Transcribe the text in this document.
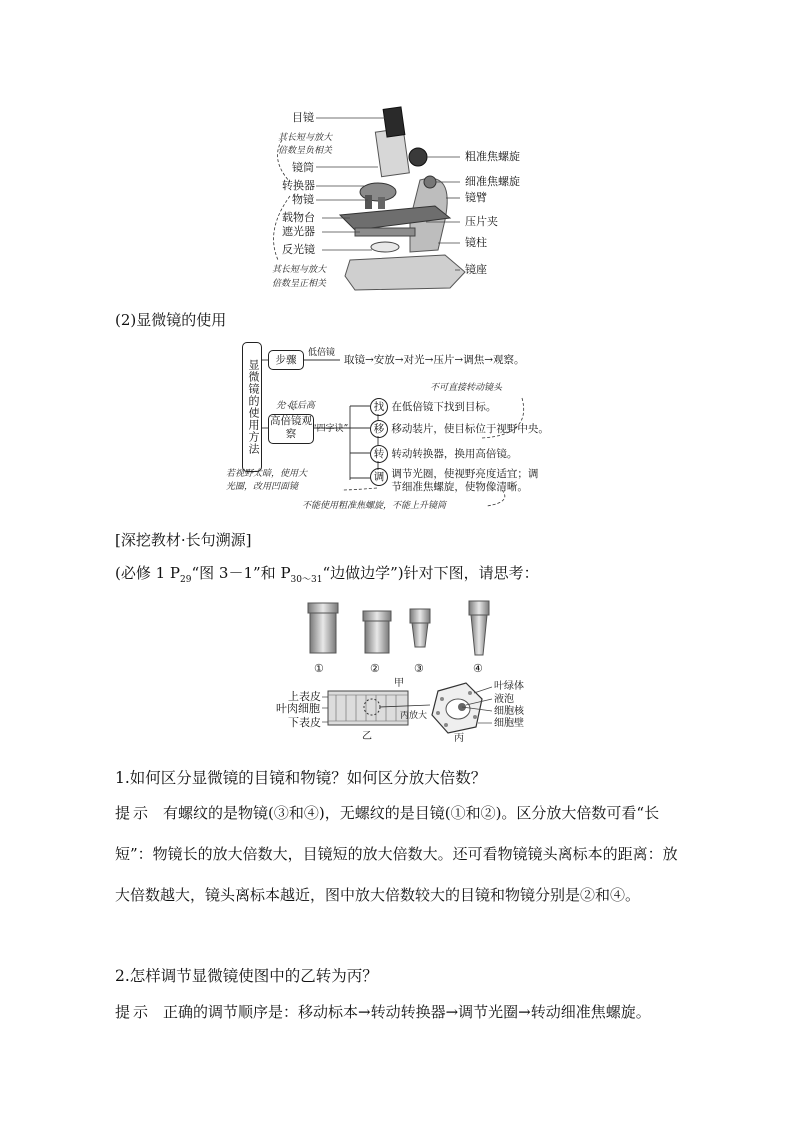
目镜
其长短与放大
倍数呈负相关
镜筒
转换器
物镜
载物台
遮光器
反光镜
其长短与放大
倍数呈正相关
粗准焦螺旋
细准焦螺旋
镜臂
压片夹
镜柱
镜座
(2)显微镜的使用
显微镜的使用方法	步骤
低倍镜
取镜→安放→对光→压片→调焦→观察。
先 低后高
高倍镜观察	“四字诀”
不可直接转动镜头
找 在低倍镜下找到目标。
移 移动装片，使目标位于视野中央。
转 转动转换器，换用高倍镜。
调 调节光圈，使视野亮度适宜；调节细准焦螺旋，使物像清晰。
若视野太暗，使用大
光圈，改用凹面镜
不能使用粗准焦螺旋，不能上升镜筒
[深挖教材·长句溯源]
(必修 1 $P_{29}“$图 3－1”和 $P_{30\sim 31}“$边做边学”)针对下图，请思考：
①	②	③	④
甲
上表皮
叶肉细胞
下表皮	丙放大
叶绿体
液泡
细胞核
细胞壁
乙	丙
1.如何区分显微镜的目镜和物镜？如何区分放大倍数？
提示 有螺纹的是物镜(③和④)，无螺纹的是目镜(①和②)。区分放大倍数可看“长短”：物镜长的放大倍数大，目镜短的放大倍数大。还可看物镜镜头离标本的距离：放大倍数越大，镜头离标本越近，图中放大倍数较大的目镜和物镜分别是②和④。
2.怎样调节显微镜使图中的乙转为丙？
提示 正确的调节顺序是：移动标本→转动转换器→调节光圈→转动细准焦螺旋。
